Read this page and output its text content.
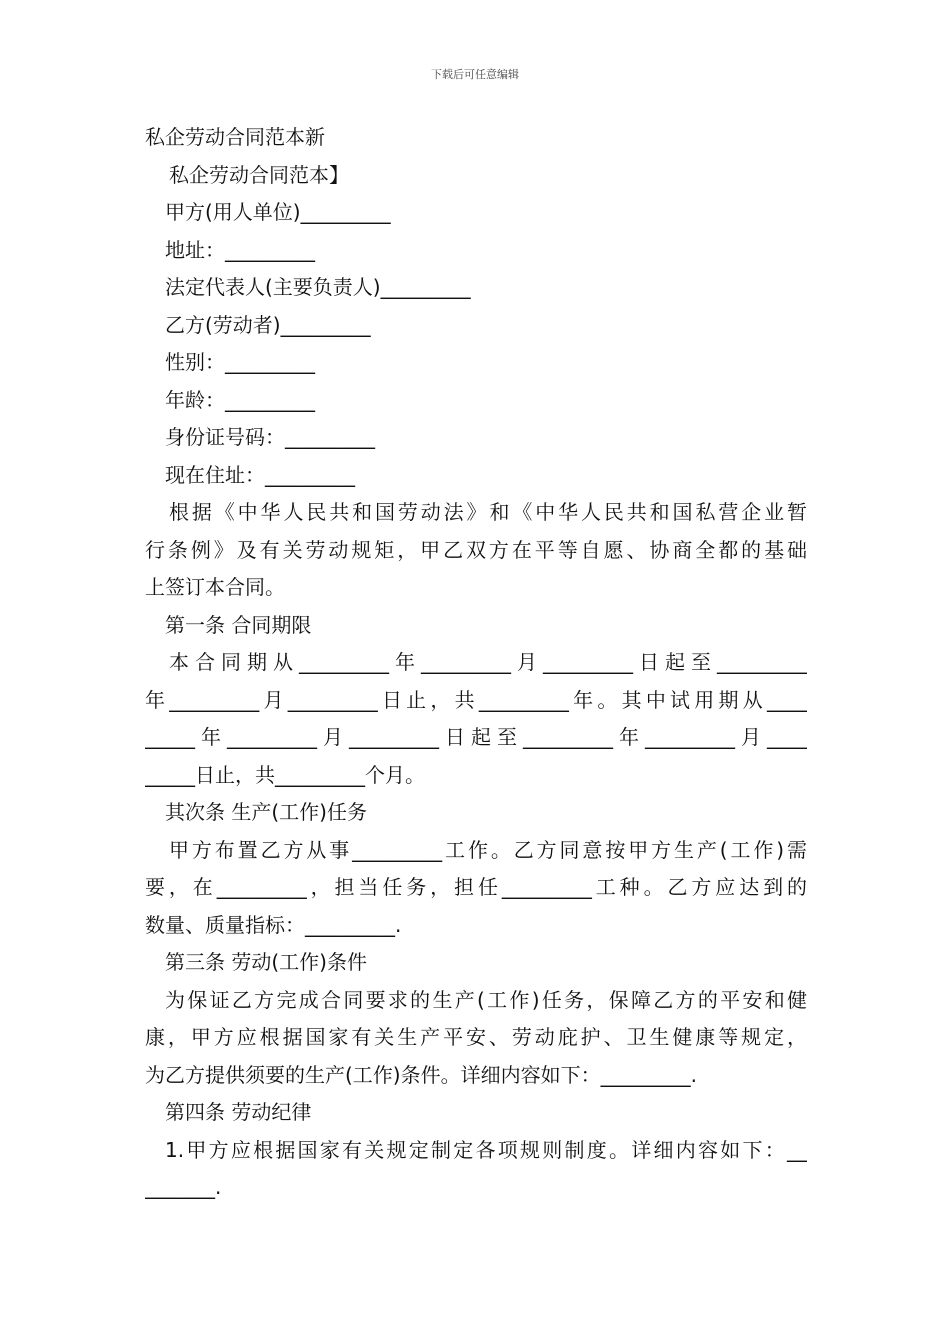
下载后可任意编辑
私企劳动合同范本新
私企劳动合同范本】
甲方(用人单位)_________
地址：_________
法定代表人(主要负责人)_________
乙方(劳动者)_________
性别：_________
年龄：_________
身份证号码：_________
现在住址：_________
根据《中华人民共和国劳动法》和《中华人民共和国私营企业暂
行条例》及有关劳动规矩，甲乙双方在平等自愿、协商全都的基础
上签订本合同。
第一条 合同期限
本合同期从_________年_________月_________日起至_________
年_________月_________日止，共_________年。其中试用期从____
_____年_________月_________日起至_________年_________月____
_____日止，共_________个月。
其次条 生产(工作)任务
甲方布置乙方从事_________工作。乙方同意按甲方生产(工作)需
要，在_________，担当任务，担任_________工种。乙方应达到的
数量、质量指标：_________.
第三条 劳动(工作)条件
为保证乙方完成合同要求的生产(工作)任务，保障乙方的平安和健
康，甲方应根据国家有关生产平安、劳动庇护、卫生健康等规定，
为乙方提供须要的生产(工作)条件。详细内容如下：_________.
第四条 劳动纪律
1.甲方应根据国家有关规定制定各项规则制度。详细内容如下：__
_______.
